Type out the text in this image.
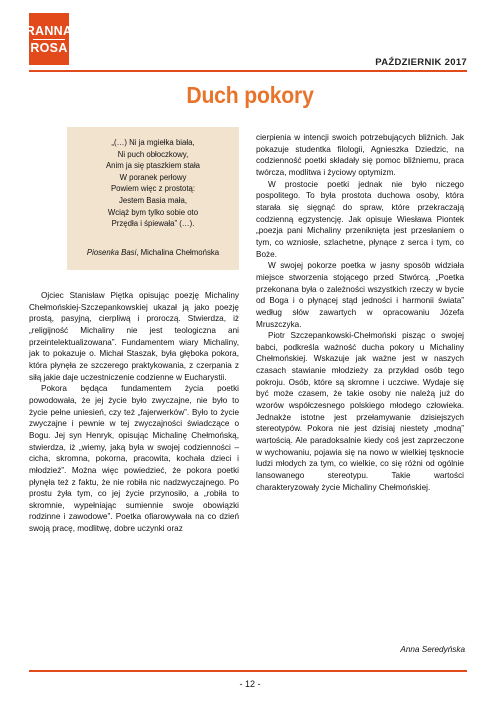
RANNA
ROSA
PAŹDZIERNIK 2017
Duch pokory
„(…) Ni ja mgiełka biała,
Ni puch obłoczkowy,
Anim ja się ptaszkiem stała
W poranek perłowy
Powiem więc z prostotą:
Jestem Basia mała,
Wciąż bym tylko sobie oto
Przędła i śpiewała” (…).
Piosenka Basi, Michalina Chełmońska

Ojciec Stanisław Piętka opisując poezję Michaliny Chełmońskiej-Szczepankowskiej ukazał ją jako poezję prostą, pasyjną, cierpliwą i proroczą. Stwierdza, iż „religijność Michaliny nie jest teologiczna ani przeintelektualizowana”. Fundamentem wiary Michaliny, jak to pokazuje o. Michał Staszak, była głęboka pokora, która płynęła ze szczerego praktykowania, z czerpania z siłą jakie daje uczestniczenie codzienne w Eucharystii.

Pokora będąca fundamentem życia poetki powodowała, że jej życie było zwyczajne, nie było to życie pełne uniesień, czy też „fajerwerków”. Było to życie zwyczajne i pewnie w tej zwyczajności świadczące o Bogu. Jej syn Henryk, opisując Michalinę Chełmońską, stwierdza, iż „wiemy, jaką była w swojej codzienności – cicha, skromna, pokorna, pracowita, kochała dzieci i młodzież”. Można więc powiedzieć, że pokora poetki płynęła też z faktu, że nie robiła nic nadzwyczajnego. Po prostu żyła tym, co jej życie przynosiło, a „robiła to skromnie, wypełniając sumiennie swoje obowiązki rodzinne i zawodowe”. Poetka ofiarowywała na co dzień swoją pracę, modlitwę, dobre uczynki oraz

cierpienia w intencji swoich potrzebujących bliźnich. Jak pokazuje studentka filologii, Agnieszka Dziedzic, na codzienność poetki składały się pomoc bliźniemu, praca twórcza, modlitwa i życiowy optymizm.

W prostocie poetki jednak nie było niczego pospolitego. To była prostota duchowa osoby, która starała się sięgnąć do spraw, które przekraczają codzienną egzystencję. Jak opisuje Wiesława Piontek „poezja pani Michaliny przeniknięta jest przesłaniem o tym, co wzniosłe, szlachetne, płynące z serca i tym, co Boże.

W swojej pokorze poetka w jasny sposób widziała miejsce stworzenia stojącego przed Stwórcą. „Poetka przekonana była o zależności wszystkich rzeczy w bycie od Boga i o płynącej stąd jedności i harmonii świata” według słów zawartych w opracowaniu Józefa Mruszczyka.

Piotr Szczepankowski-Chełmoński pisząc o swojej babci, podkreśla ważność ducha pokory u Michaliny Chełmońskiej. Wskazuje jak ważne jest w naszych czasach stawianie młodzieży za przykład osób tego pokroju. Osób, które są skromne i uczciwe. Wydaje się być może czasem, że takie osoby nie należą już do wzorów współczesnego polskiego młodego człowieka. Jednakże istotne jest przełamywanie dzisiejszych stereotypów. Pokora nie jest dzisiaj niestety „modną” wartością. Ale paradoksalnie kiedy coś jest zaprzeczone w wychowaniu, pojawia się na nowo w wielkiej tęsknocie ludzi młodych za tym, co wielkie, co się różni od ogólnie lansowanego stereotypu. Takie wartości charakteryzowały życie Michaliny Chełmońskiej.

Anna Seredyńska
- 12 -
